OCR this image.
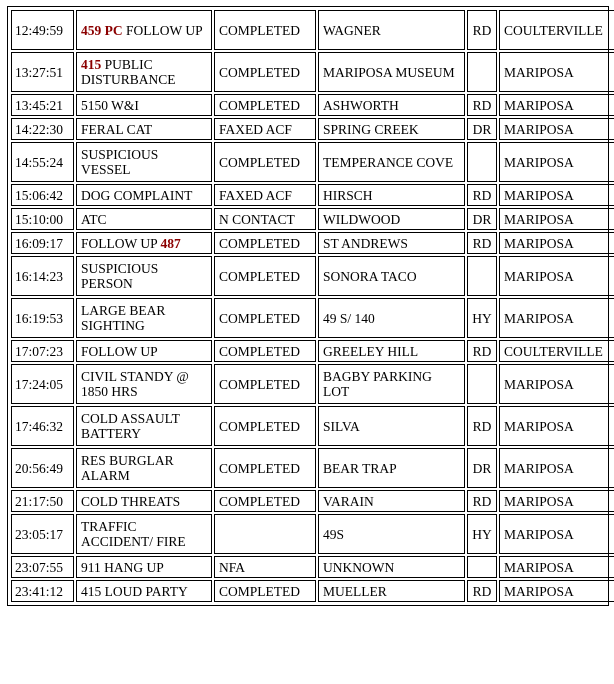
12:49:59	459 PC FOLLOW UP	COMPLETED	WAGNER	RD	COULTERVILLE
13:27:51	415 PUBLIC DISTURBANCE	COMPLETED	MARIPOSA MUSEUM		MARIPOSA
13:45:21	5150 W&I	COMPLETED	ASHWORTH	RD	MARIPOSA
14:22:30	FERAL CAT	FAXED ACF	SPRING CREEK	DR	MARIPOSA
14:55:24	SUSPICIOUS VESSEL	COMPLETED	TEMPERANCE COVE		MARIPOSA
15:06:42	DOG COMPLAINT	FAXED ACF	HIRSCH	RD	MARIPOSA
15:10:00	ATC	N CONTACT	WILDWOOD	DR	MARIPOSA
16:09:17	FOLLOW UP 487	COMPLETED	ST ANDREWS	RD	MARIPOSA
16:14:23	SUSPICIOUS PERSON	COMPLETED	SONORA TACO		MARIPOSA
16:19:53	LARGE BEAR SIGHTING	COMPLETED	49 S/ 140	HY	MARIPOSA
17:07:23	FOLLOW UP	COMPLETED	GREELEY HILL	RD	COULTERVILLE
17:24:05	CIVIL STANDY @ 1850 HRS	COMPLETED	BAGBY PARKING LOT		MARIPOSA
17:46:32	COLD ASSAULT BATTERY	COMPLETED	SILVA	RD	MARIPOSA
20:56:49	RES BURGLAR ALARM	COMPLETED	BEAR TRAP	DR	MARIPOSA
21:17:50	COLD THREATS	COMPLETED	VARAIN	RD	MARIPOSA
23:05:17	TRAFFIC ACCIDENT/ FIRE		49S	HY	MARIPOSA
23:07:55	911 HANG UP	NFA	UNKNOWN		MARIPOSA
23:41:12	415 LOUD PARTY	COMPLETED	MUELLER	RD	MARIPOSA
